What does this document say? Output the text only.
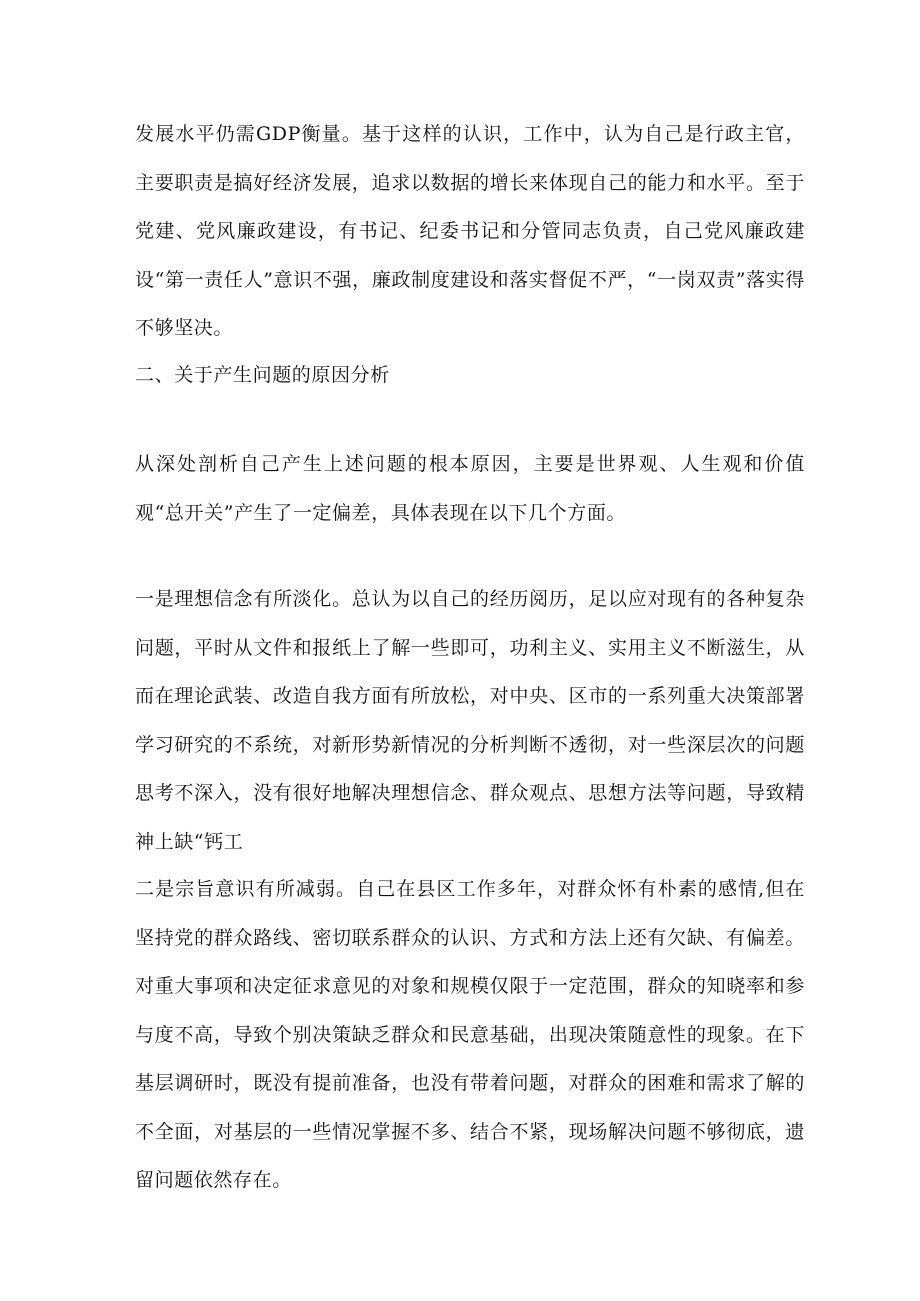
发展水平仍需GDP衡量。基于这样的认识，工作中，认为自己是行政主官，主要职责是搞好经济发展，追求以数据的增长来体现自己的能力和水平。至于党建、党风廉政建设，有书记、纪委书记和分管同志负责，自己党风廉政建设“第一责任人”意识不强，廉政制度建设和落实督促不严，“一岗双责”落实得不够坚决。

二、关于产生问题的原因分析

从深处剖析自己产生上述问题的根本原因，主要是世界观、人生观和价值观“总开关”产生了一定偏差，具体表现在以下几个方面。

一是理想信念有所淡化。总认为以自己的经历阅历，足以应对现有的各种复杂问题，平时从文件和报纸上了解一些即可，功利主义、实用主义不断滋生，从而在理论武装、改造自我方面有所放松，对中央、区市的一系列重大决策部署学习研究的不系统，对新形势新情况的分析判断不透彻，对一些深层次的问题思考不深入，没有很好地解决理想信念、群众观点、思想方法等问题，导致精神上缺“钙工

二是宗旨意识有所减弱。自己在县区工作多年，对群众怀有朴素的感情,但在坚持党的群众路线、密切联系群众的认识、方式和方法上还有欠缺、有偏差。对重大事项和决定征求意见的对象和规模仅限于一定范围，群众的知晓率和参与度不高，导致个别决策缺乏群众和民意基础，出现决策随意性的现象。在下基层调研时，既没有提前准备，也没有带着问题，对群众的困难和需求了解的不全面，对基层的一些情况掌握不多、结合不紧，现场解决问题不够彻底，遗留问题依然存在。
